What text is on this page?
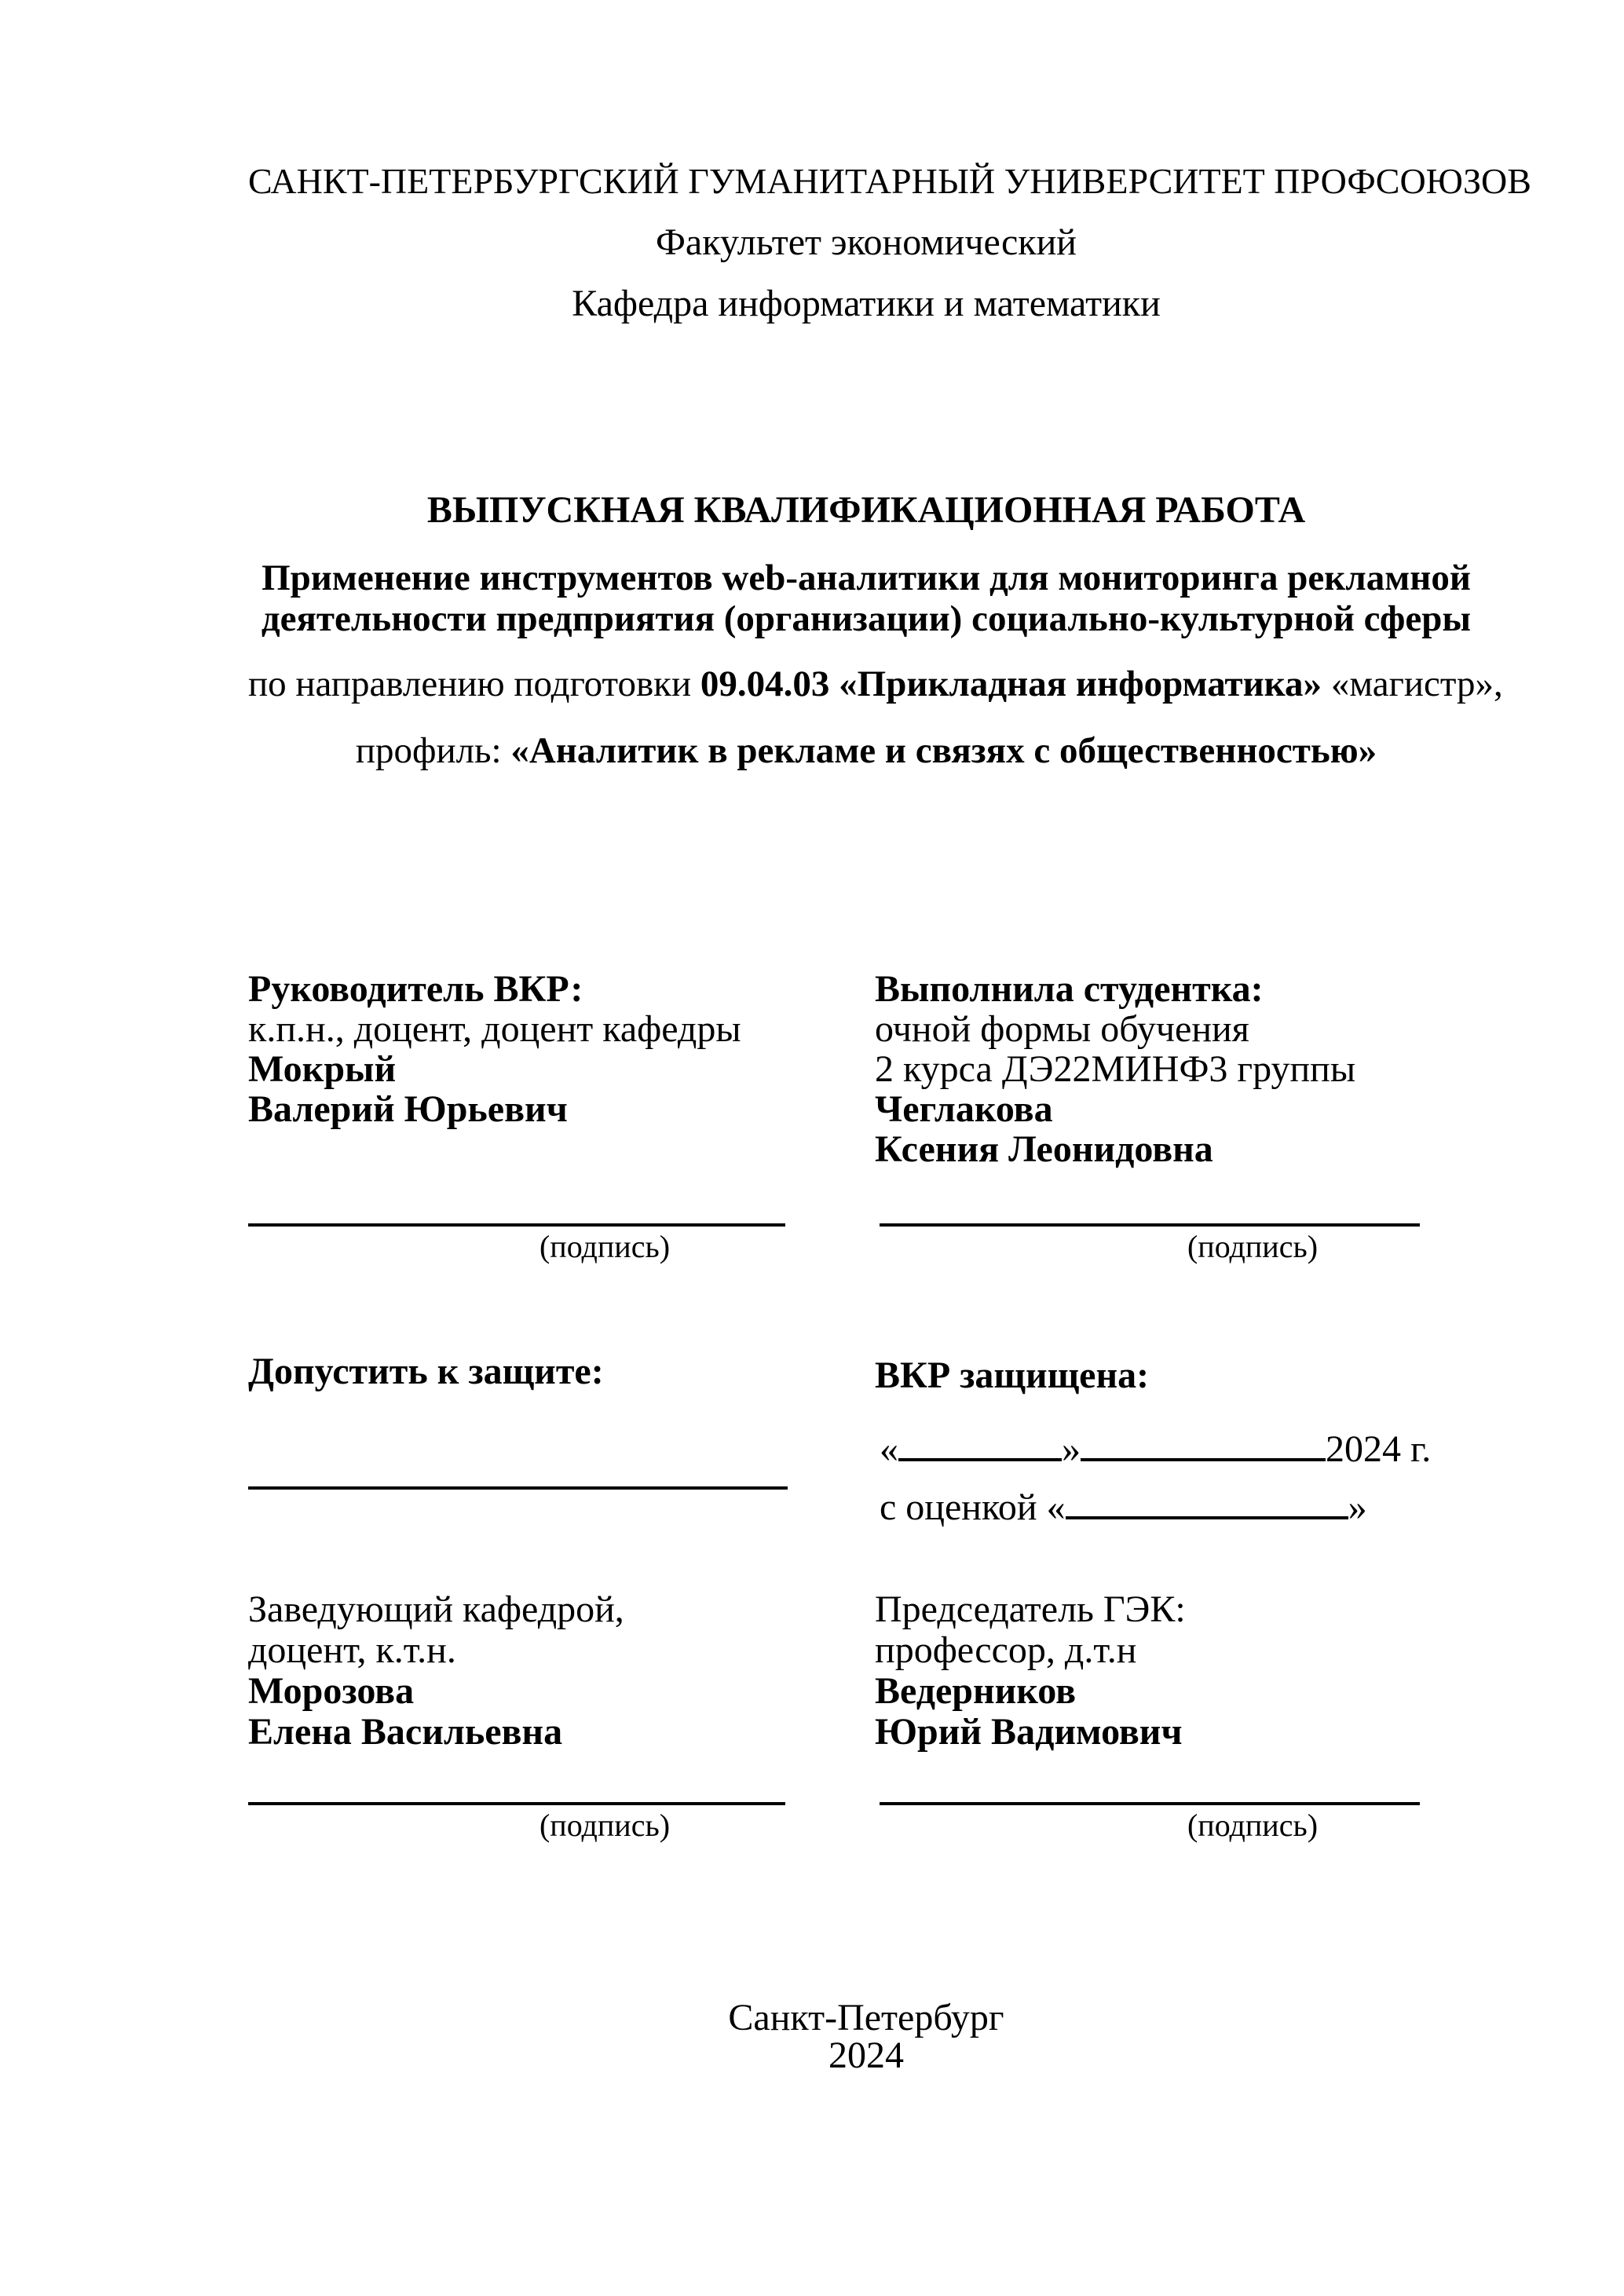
САНКТ-ПЕТЕРБУРГСКИЙ ГУМАНИТАРНЫЙ УНИВЕРСИТЕТ ПРОФСОЮЗОВ
Факультет экономический
Кафедра информатики и математики
ВЫПУСКНАЯ КВАЛИФИКАЦИОННАЯ РАБОТА
Применение инструментов web-аналитики для мониторинга рекламной
деятельности предприятия (организации) социально-культурной сферы
по направлению подготовки 09.04.03 «Прикладная информатика» «магистр»,
профиль: «Аналитик в рекламе и связях с общественностью»
Руководитель ВКР:
к.п.н., доцент, доцент кафедры
Мокрый
Валерий Юрьевич
Выполнила студентка:
очной формы обучения
2 курса ДЭ22МИНФ3 группы
Чеглакова
Ксения Леонидовна
(подпись)	(подпись)
Допустить к защите:	ВКР защищена:
«	»	2024 г.
с оценкой «	»
Заведующий кафедрой,
доцент, к.т.н.
Морозова
Елена Васильевна
Председатель ГЭК:
профессор, д.т.н
Ведерников
Юрий Вадимович
(подпись)	(подпись)
Санкт-Петербург
2024
